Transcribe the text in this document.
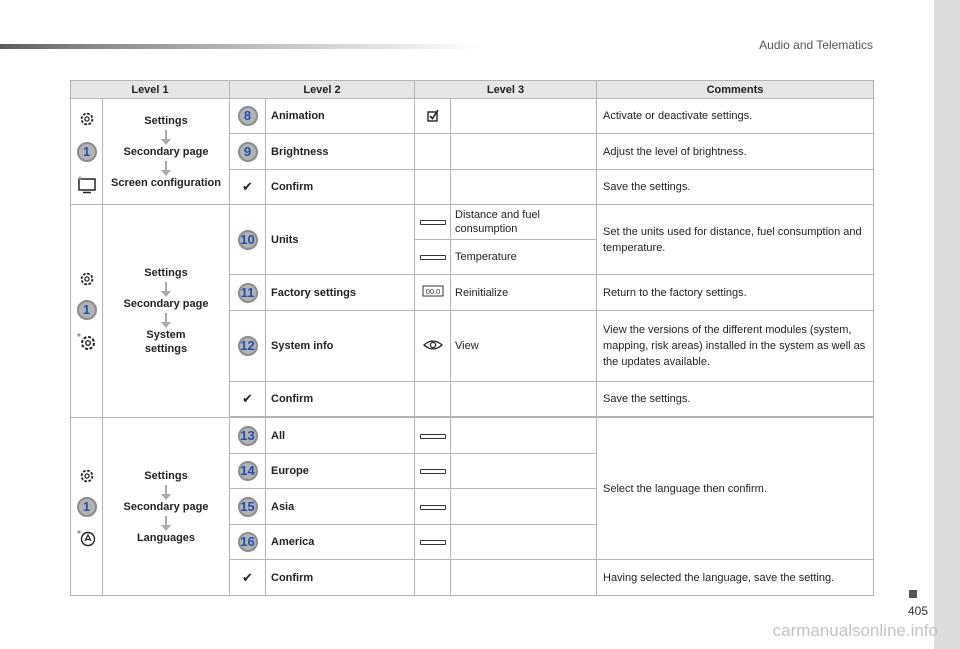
Audio and Telematics
Level 1		Level 2		Level 3		Comments

1	Settings
Secondary page
Screen configuration	8	Animation			Activate or deactivate settings.
		9	Brightness			Adjust the level of brightness.
		✔	Confirm			Save the settings.

1	Settings
Secondary page
System settings	10	Units		Distance and fuel consumption	Set the units used for distance, fuel consumption and temperature.
					Temperature	
		11	Factory settings	00.0	Reinitialize	Return to the factory settings.
		12	System info		View	View the versions of the different modules (system, mapping, risk areas) installed in the system as well as the updates available.
		✔	Confirm			Save the settings.

1	Settings
Secondary page
Languages	13	All			Select the language then confirm.
		14	Europe			
		15	Asia			
		16	America			
		✔	Confirm			Having selected the language, save the setting.
405
carmanualsonline.info
